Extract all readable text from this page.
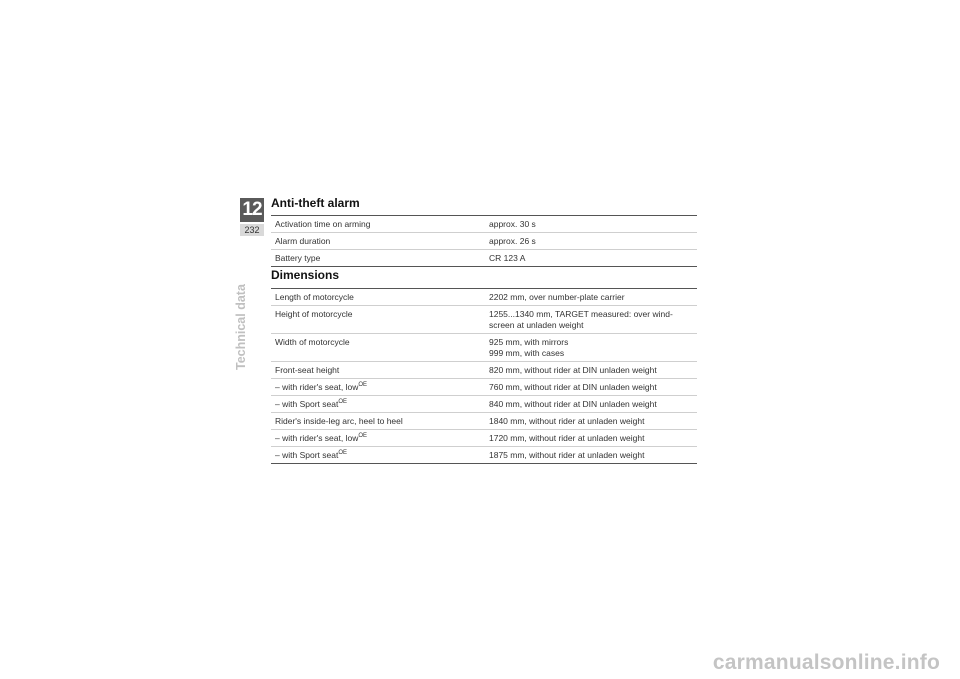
12
232
Technical data
Anti-theft alarm
Activation time on arming	approx. 30 s
Alarm duration	approx. 26 s
Battery type	CR 123 A
Dimensions
Length of motorcycle	2202 mm, over number-plate carrier
Height of motorcycle	1255...1340 mm, TARGET measured: over wind-
screen at unladen weight
Width of motorcycle	925 mm, with mirrors
999 mm, with cases
Front-seat height	820 mm, without rider at DIN unladen weight
– with rider's seat, low$^{OE}$	760 mm, without rider at DIN unladen weight
– with Sport seat$^{OE}$	840 mm, without rider at DIN unladen weight
Rider's inside-leg arc, heel to heel	1840 mm, without rider at unladen weight
– with rider's seat, low$^{OE}$	1720 mm, without rider at unladen weight
– with Sport seat$^{OE}$	1875 mm, without rider at unladen weight
carmanualsonline.info
